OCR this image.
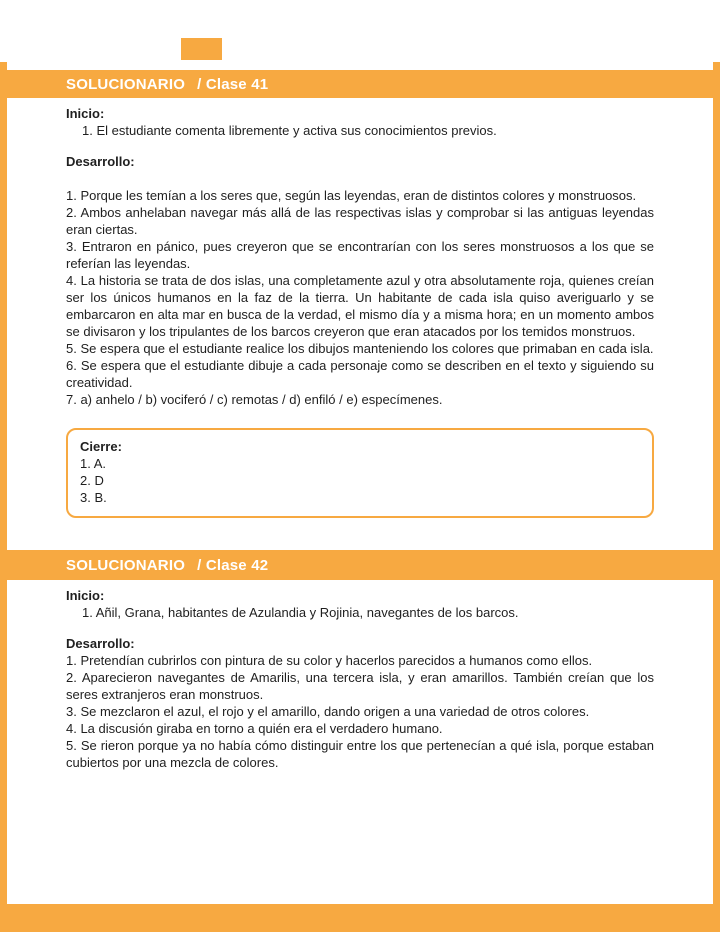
SOLUCIONARIO / Clase 41
Inicio:

1. El estudiante comenta libremente y activa sus conocimientos previos.

Desarrollo:

1. Porque les temían a los seres que, según las leyendas, eran de distintos colores y monstruosos.

2. Ambos anhelaban navegar más allá de las respectivas islas y comprobar si las antiguas leyendas eran ciertas.

3. Entraron en pánico, pues creyeron que se encontrarían con los seres monstruosos a los que se referían las leyendas.

4. La historia se trata de dos islas, una completamente azul y otra absolutamente roja, quienes creían ser los únicos humanos en la faz de la tierra. Un habitante de cada isla quiso averiguarlo y se embarcaron en alta mar en busca de la verdad, el mismo día y a misma hora; en un momento ambos se divisaron y los tripulantes de los barcos creyeron que eran atacados por los temidos monstruos.

5. Se espera que el estudiante realice los dibujos manteniendo los colores que primaban en cada isla.

6. Se espera que el estudiante dibuje a cada personaje como se describen en el texto y siguiendo su creatividad.

7. a) anhelo / b) vociferó / c) remotas / d) enfiló / e) especímenes.

Cierre:

1. A.

2. D

3. B.

SOLUCIONARIO / Clase 42
Inicio:

1. Añil, Grana, habitantes de Azulandia y Rojinia, navegantes de los barcos.

Desarrollo:

1. Pretendían cubrirlos con pintura de su color y hacerlos parecidos a humanos como ellos.

2. Aparecieron navegantes de Amarilis, una tercera isla, y eran amarillos. También creían que los seres extranjeros eran monstruos.

3. Se mezclaron el azul, el rojo y el amarillo, dando origen a una variedad de otros colores.

4. La discusión giraba en torno a quién era el verdadero humano.

5. Se rieron porque ya no había cómo distinguir entre los que pertenecían a qué isla, porque estaban cubiertos por una mezcla de colores.
